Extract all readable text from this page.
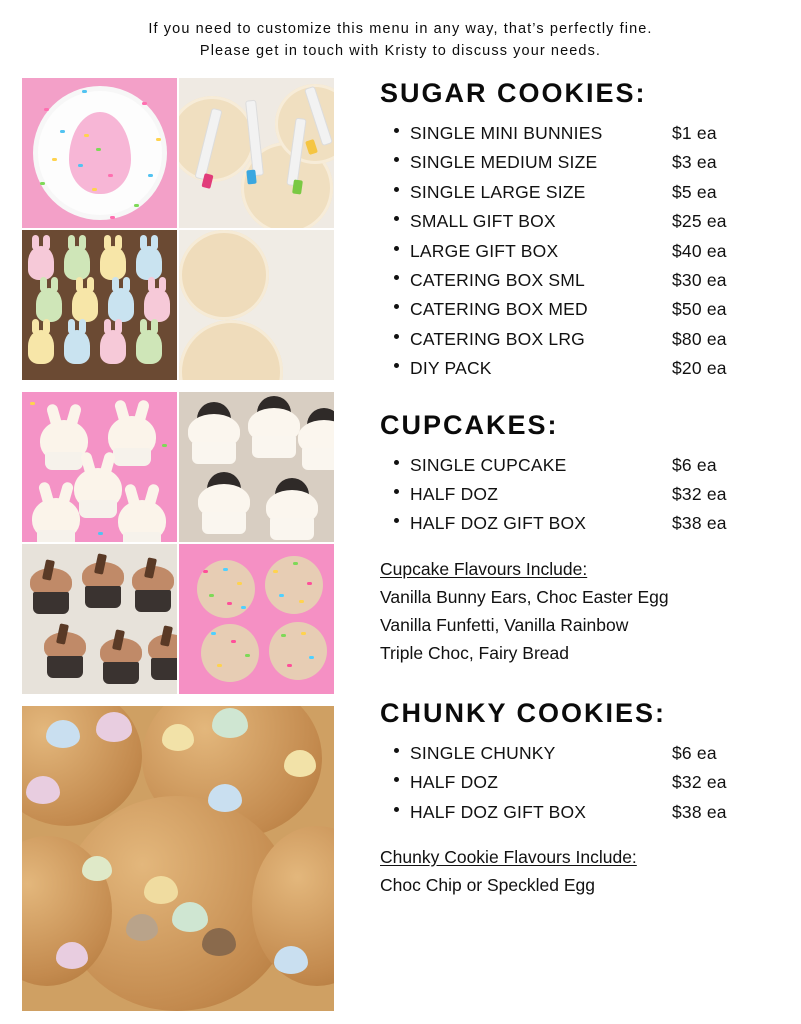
If you need to customize this menu in any way, that’s perfectly fine.
Please get in touch with Kristy to discuss your needs.
SUGAR COOKIES:
SINGLE MINI BUNNIES	$1 ea
SINGLE MEDIUM SIZE	$3 ea
SINGLE LARGE SIZE	$5 ea
SMALL GIFT BOX	$25 ea
LARGE GIFT BOX	$40 ea
CATERING BOX SML	$30 ea
CATERING BOX MED	$50 ea
CATERING BOX LRG	$80 ea
DIY PACK	$20 ea
CUPCAKES:
SINGLE CUPCAKE	$6 ea
HALF DOZ	$32 ea
HALF DOZ GIFT BOX	$38 ea
Cupcake Flavours Include:
Vanilla Bunny Ears, Choc Easter Egg
Vanilla Funfetti, Vanilla Rainbow
Triple Choc, Fairy Bread
CHUNKY COOKIES:
SINGLE CHUNKY	$6 ea
HALF DOZ	$32 ea
HALF DOZ GIFT BOX	$38 ea
Chunky Cookie Flavours Include:
Choc Chip or Speckled Egg
